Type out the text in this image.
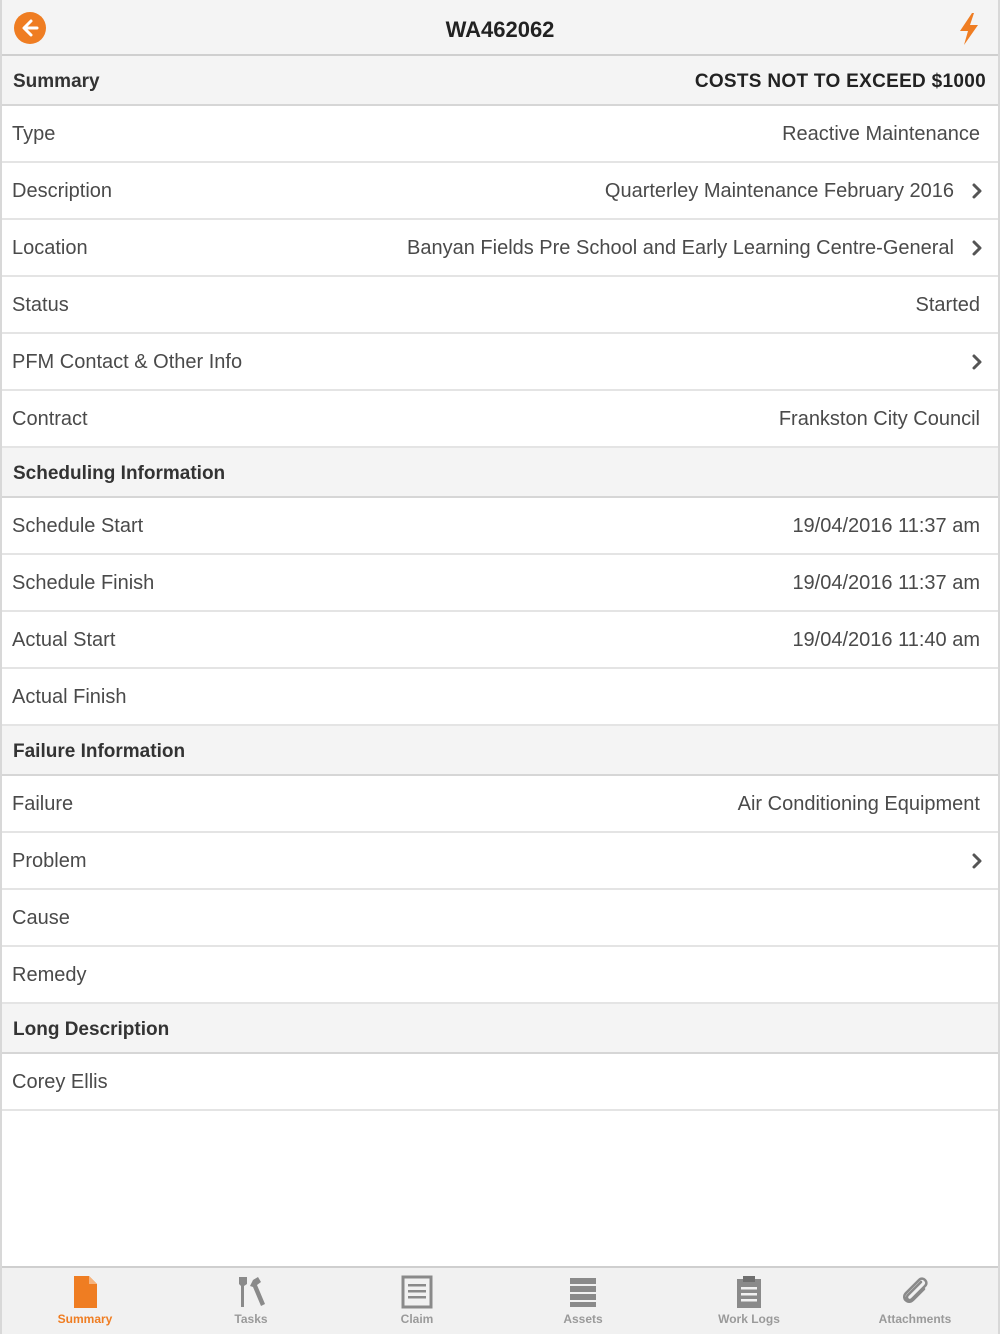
WA462062
Summary	COSTS NOT TO EXCEED $1000
Type	Reactive Maintenance
Description	Quarterley Maintenance February 2016
Location	Banyan Fields Pre School and Early Learning Centre-General
Status	Started
PFM Contact & Other Info
Contract	Frankston City Council
Scheduling Information
Schedule Start	19/04/2016 11:37 am
Schedule Finish	19/04/2016 11:37 am
Actual Start	19/04/2016 11:40 am
Actual Finish
Failure Information
Failure	Air Conditioning Equipment
Problem
Cause
Remedy
Long Description
Corey Ellis
Summary	Tasks	Claim	Assets	Work Logs	Attachments
